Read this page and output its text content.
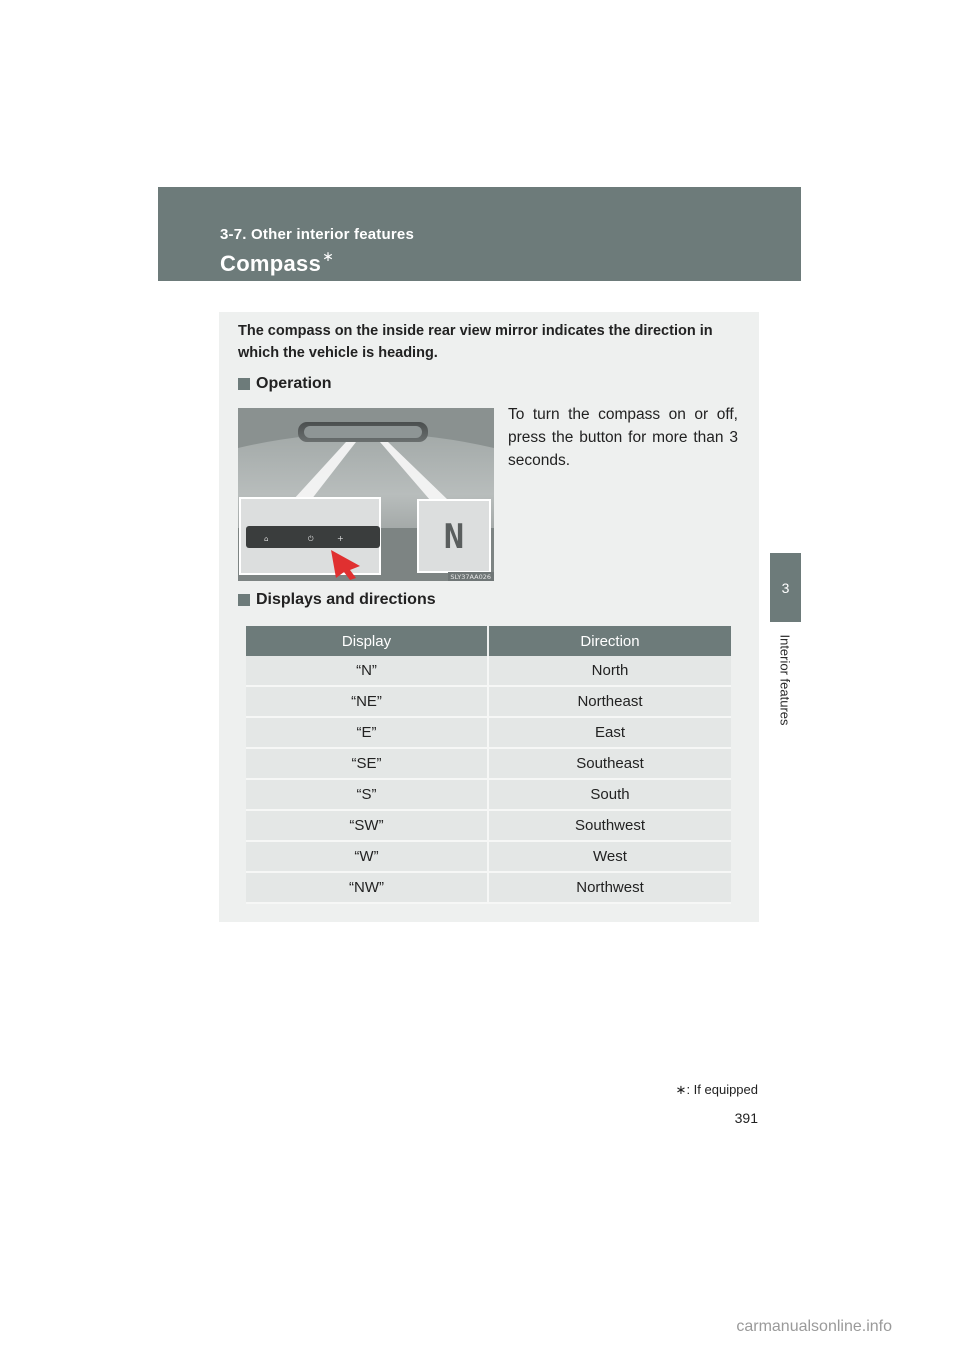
3-7. Other interior features
Compass∗
3
Interior features
The compass on the inside rear view mirror indicates the direction in which the vehicle is heading.
Operation
⌂	⏻	+	N
SLY37AA026
To turn the compass on or off, press the button for more than 3 seconds.
Displays and directions
Display	Direction
“N”	North
“NE”	Northeast
“E”	East
“SE”	Southeast
“S”	South
“SW”	Southwest
“W”	West
“NW”	Northwest
∗: If equipped
391
carmanualsonline.info
